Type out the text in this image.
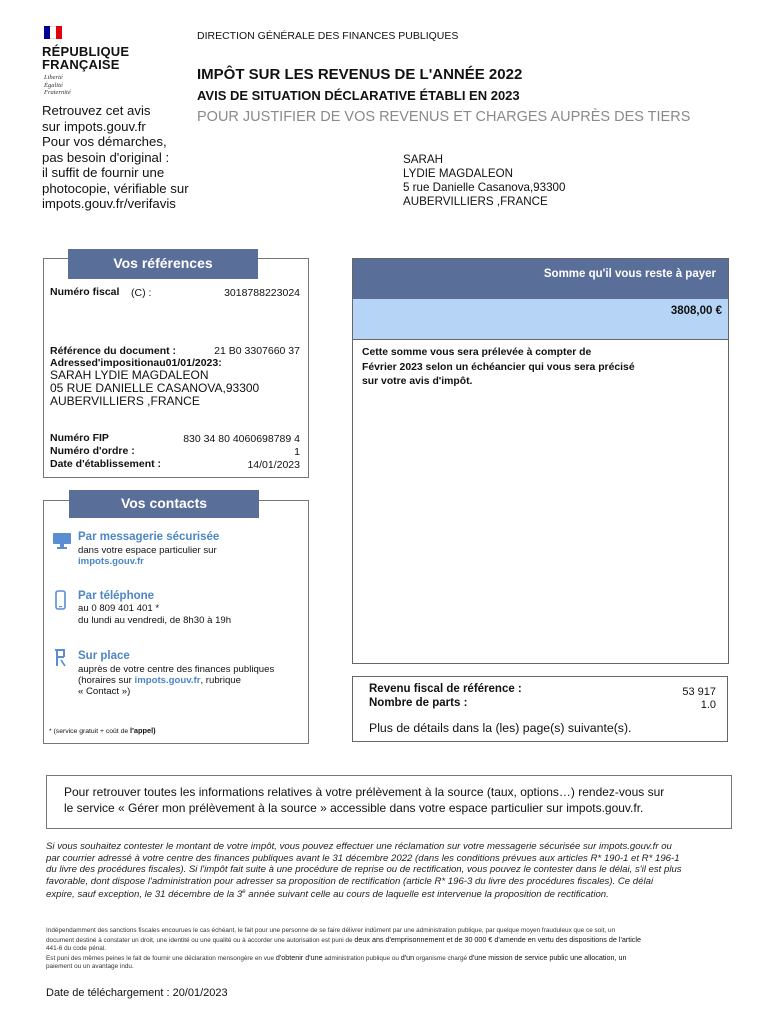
RÉPUBLIQUE
FRANÇAISE
Liberté
Égalité
Fraternité
Retrouvez cet avis
sur impots.gouv.fr
Pour vos démarches,
pas besoin d'original :
il suffit de fournir une
photocopie, vérifiable sur
impots.gouv.fr/verifavis
DIRECTION GÉNÉRALE DES FINANCES PUBLIQUES
IMPÔT SUR LES REVENUS DE L'ANNÉE 2022
AVIS DE SITUATION DÉCLARATIVE ÉTABLI EN 2023
POUR JUSTIFIER DE VOS REVENUS ET CHARGES AUPRÈS DES TIERS
SARAH
LYDIE MAGDALEON
5 rue Danielle Casanova,93300
AUBERVILLIERS ,FRANCE
Vos références
Numéro fiscal (C) :	3018788223024
Référence du document :	21 B0 3307660 37
Adressed'impositionau01/01/2023:
SARAH LYDIE MAGDALEON
05 RUE DANIELLE CASANOVA,93300
AUBERVILLIERS ,FRANCE
Numéro FIP	830 34 80 4060698789 4
Numéro d'ordre :	1
Date d'établissement :	14/01/2023
Vos contacts
Par messagerie sécurisée
dans votre espace particulier sur
impots.gouv.fr
Par téléphone
au 0 809 401 401 *
du lundi au vendredi, de 8h30 à 19h
Sur place
auprès de votre centre des finances publiques
(horaires sur impots.gouv.fr, rubrique
« Contact »)
* (service gratuit + coût de l'appel)
Somme qu'il vous reste à payer
3808,00 €
Cette somme vous sera prélevée à compter de
Février 2023 selon un échéancier qui vous sera précisé
sur votre avis d'impôt.
Revenu fiscal de référence :	53 917
Nombre de parts :	1.0
Plus de détails dans la (les) page(s) suivante(s).
Pour retrouver toutes les informations relatives à votre prélèvement à la source (taux, options…) rendez-vous sur
le service « Gérer mon prélèvement à la source » accessible dans votre espace particulier sur impots.gouv.fr.
Si vous souhaitez contester le montant de votre impôt, vous pouvez effectuer une réclamation sur votre messagerie sécurisée sur impots.gouv.fr ou
par courrier adressé à votre centre des finances publiques avant le 31 décembre 2022 (dans les conditions prévues aux articles R* 190-1 et R* 196-1
du livre des procédures fiscales). Si l'impôt fait suite à une procédure de reprise ou de rectification, vous pouvez le contester dans le délai, s'il est plus
favorable, dont dispose l'administration pour adresser sa proposition de rectification (article R* 196-3 du livre des procédures fiscales). Ce délai
expire, sauf exception, le 31 décembre de la 3e année suivant celle au cours de laquelle est intervenue la proposition de rectification.
Indépendamment des sanctions fiscales encourues le cas échéant, le fait pour une personne de se faire délivrer indûment par une administration publique, par quelque moyen frauduleux que ce soit, un
document destiné à constater un droit, une identité ou une qualité ou à accorder une autorisation est puni de deux ans d'emprisonnement et de 30 000 € d'amende en vertu des dispositions de l'article
441-6 du code pénal.
Est puni des mêmes peines le fait de fournir une déclaration mensongère en vue d'obtenir d'une administration publique ou d'un organisme chargé d'une mission de service public une allocation, un
paiement ou un avantage indu.
Date de téléchargement : 20/01/2023
